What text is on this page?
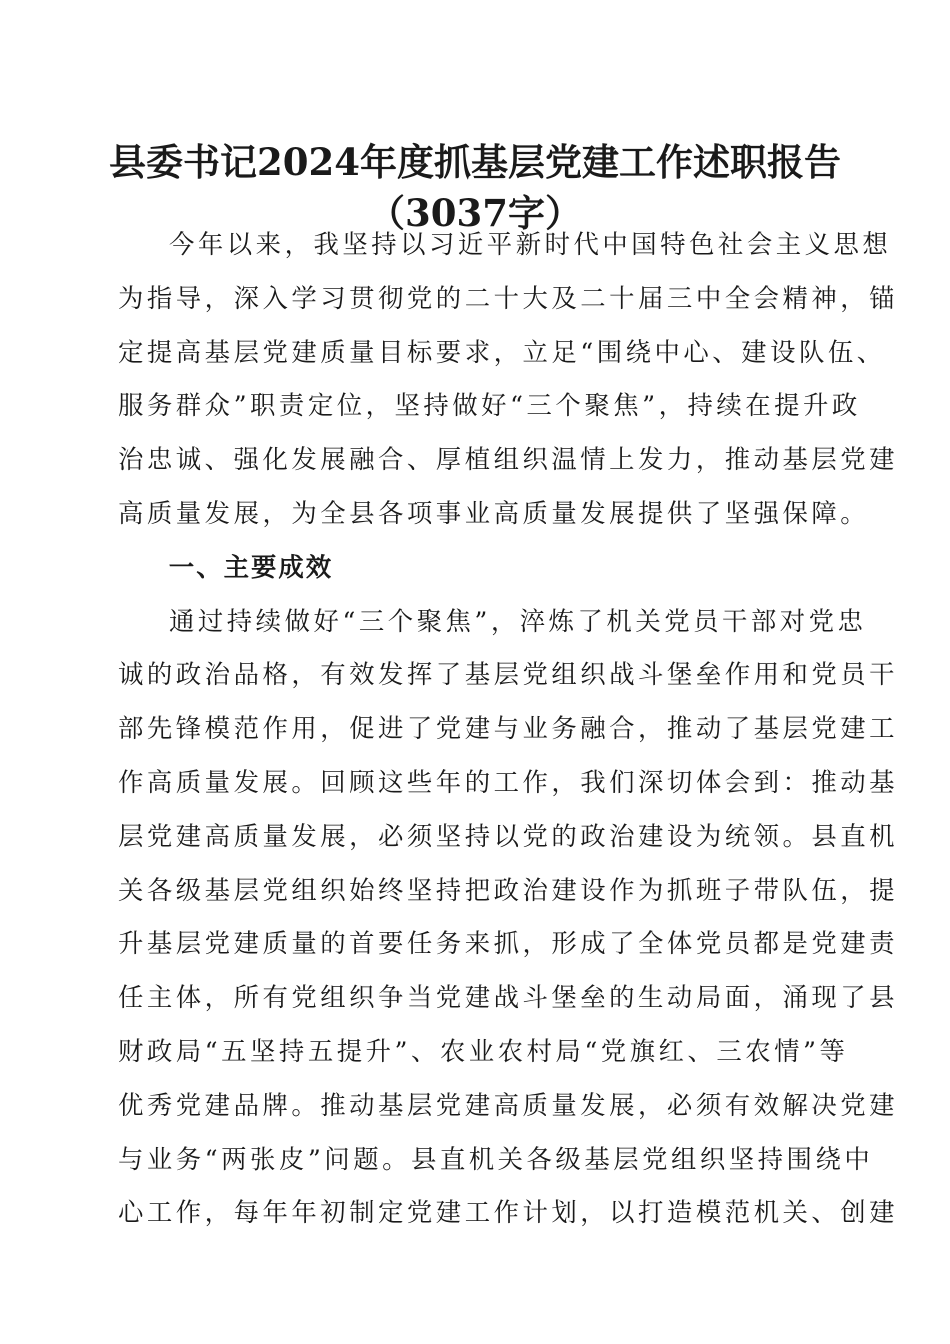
县委书记2024年度抓基层党建工作述职报告
（3037字）
今年以来，我坚持以习近平新时代中国特色社会主义思想
为指导，深入学习贯彻党的二十大及二十届三中全会精神，锚
定提高基层党建质量目标要求，立足“围绕中心、建设队伍、
服务群众”职责定位，坚持做好“三个聚焦”，持续在提升政
治忠诚、强化发展融合、厚植组织温情上发力，推动基层党建
高质量发展，为全县各项事业高质量发展提供了坚强保障。
一、主要成效
通过持续做好“三个聚焦”，淬炼了机关党员干部对党忠
诚的政治品格，有效发挥了基层党组织战斗堡垒作用和党员干
部先锋模范作用，促进了党建与业务融合，推动了基层党建工
作高质量发展。回顾这些年的工作，我们深切体会到：推动基
层党建高质量发展，必须坚持以党的政治建设为统领。县直机
关各级基层党组织始终坚持把政治建设作为抓班子带队伍，提
升基层党建质量的首要任务来抓，形成了全体党员都是党建责
任主体，所有党组织争当党建战斗堡垒的生动局面，涌现了县
财政局“五坚持五提升”、农业农村局“党旗红、三农情”等
优秀党建品牌。推动基层党建高质量发展，必须有效解决党建
与业务“两张皮”问题。县直机关各级基层党组织坚持围绕中
心工作，每年年初制定党建工作计划，以打造模范机关、创建
